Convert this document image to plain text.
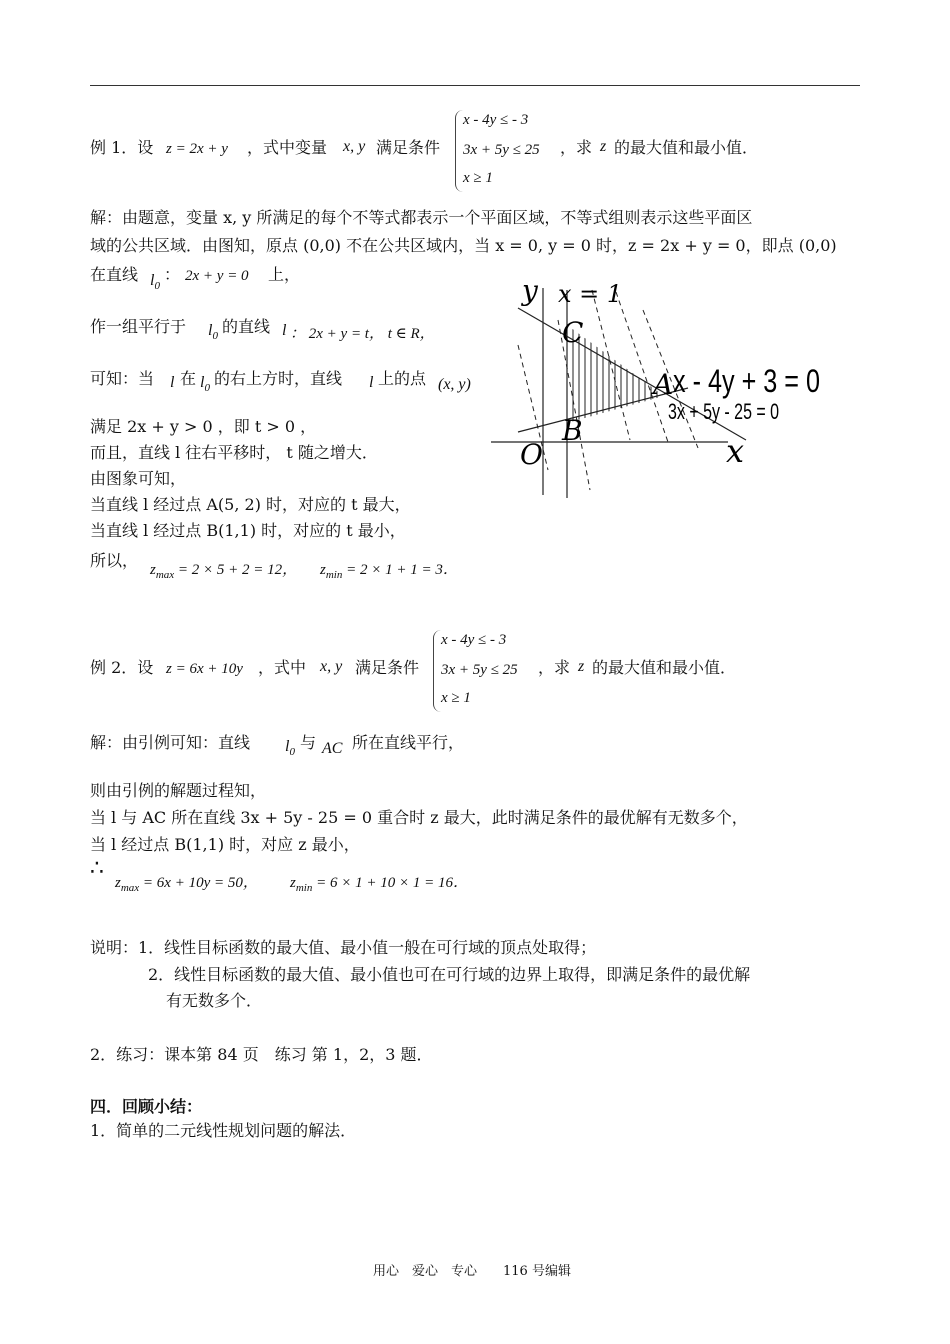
例 1．设 z = 2x + y ，式中变量 x, y 满足条件
x - 4y ≤ - 3
3x + 5y ≤ 25
x ≥ 1
，求 z 的最大值和最小值．
解：由题意，变量 x, y 所满足的每个不等式都表示一个平面区域，不等式组则表示这些平面区
域的公共区域．由图知，原点 (0,0) 不在公共区域内，当 x = 0, y = 0 时，z = 2x + y = 0，即点 (0,0)
在直线 $l_0$
： 2x + y = 0 上，
作一组平行于 $l_0$ 的直线 l ： 2x + y = t， t ∈ R，
可知：当 l 在 $l_0$ 的右上方时，直线 l 上的点 (x, y)
满足 2x + y > 0 ，即 t > 0 ，
而且，直线 l 往右平移时， t 随之增大．
由图象可知，
当直线 l 经过点 A(5, 2) 时，对应的 t 最大，
当直线 l 经过点 B(1,1) 时，对应的 t 最小，
所以， $z_{max} = 2 \times 5 + 2 = 12$， $z_{min} = 2 \times 1 + 1 = 3$．
y x = 1
C
A x - 4y + 3 = 0
3x + 5y - 25 = 0
B
O	x
例 2．设 z = 6x + 10y ，式中 x, y 满足条件
x - 4y ≤ - 3
3x + 5y ≤ 25
x ≥ 1
，求 z 的最大值和最小值．
解：由引例可知：直线 $l_0$ 与 AC 所在直线平行，
则由引例的解题过程知，
当 l 与 AC 所在直线 3x + 5y - 25 = 0 重合时 z 最大，此时满足条件的最优解有无数多个，
当 l 经过点 B(1,1) 时，对应 z 最小，
∴
$z_{max} = 6x + 10y = 50$， $z_{min} = 6 \times 1 + 10 \times 1 = 16$．
说明：1．线性目标函数的最大值、最小值一般在可行域的顶点处取得；
2．线性目标函数的最大值、最小值也可在可行域的边界上取得，即满足条件的最优解
有无数多个．
2．练习：课本第 84 页　练习 第 1，2，3 题．
四．回顾小结：
1．简单的二元线性规划问题的解法．
用心　爱心　专心　　116 号编辑
